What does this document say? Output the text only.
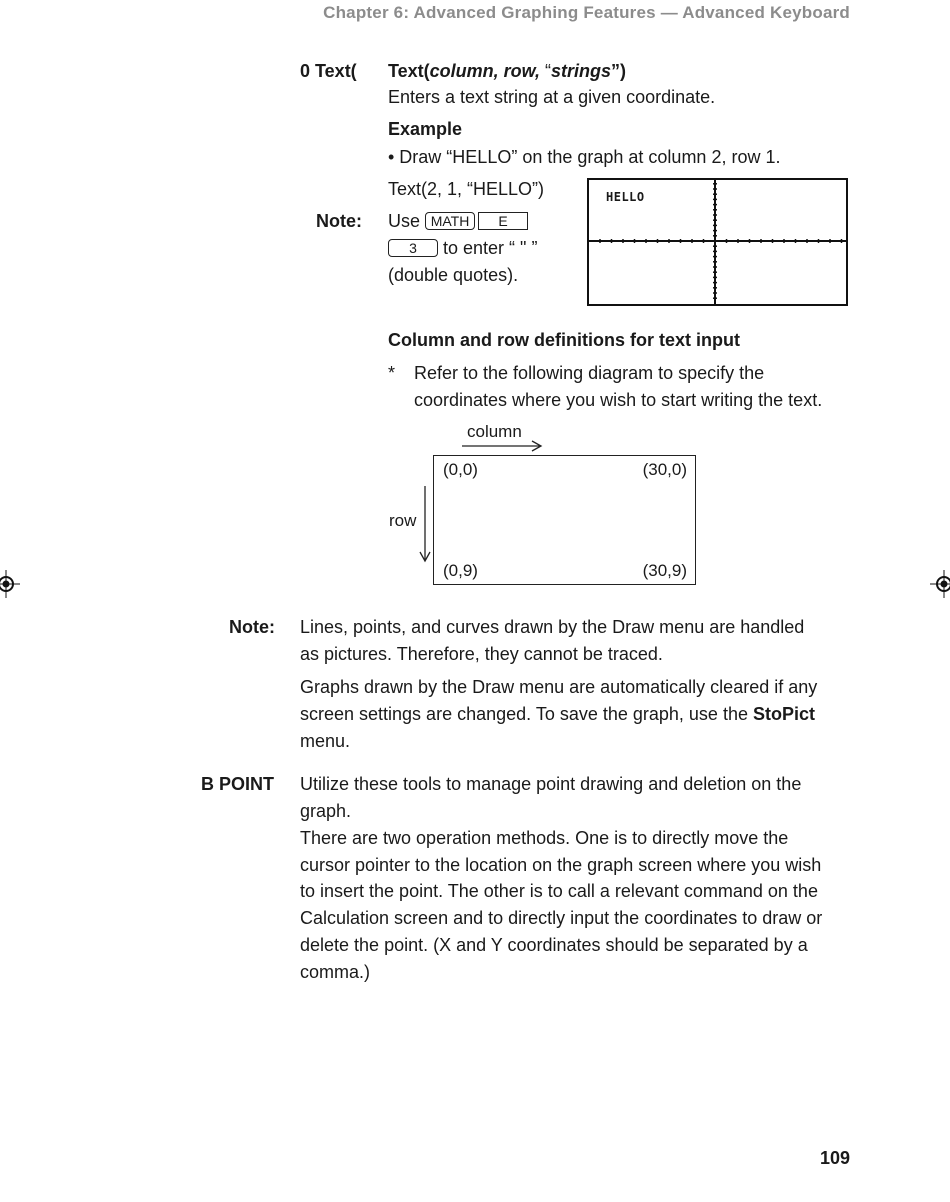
Chapter 6: Advanced Graphing Features — Advanced Keyboard
0 Text( Text(column, row, “strings”)
Enters a text string at a given coordinate.
Example
• Draw “HELLO” on the graph at column 2, row 1.
Text(2, 1, “HELLO”)
Note: Use MATH E
3 to enter “ " ”
(double quotes).
HELLO
Column and row definitions for text input
* Refer to the following diagram to specify the
coordinates where you wish to start writing the text.
column
row
(0,0)	(30,0)
(0,9)	(30,9)
Note: Lines, points, and curves drawn by the Draw menu are handled
as pictures. Therefore, they cannot be traced.
Graphs drawn by the Draw menu are automatically cleared if any
screen settings are changed. To save the graph, use the StoPict
menu.
B POINT Utilize these tools to manage point drawing and deletion on the
graph.
There are two operation methods. One is to directly move the
cursor pointer to the location on the graph screen where you wish
to insert the point. The other is to call a relevant command on the
Calculation screen and to directly input the coordinates to draw or
delete the point. (X and Y coordinates should be separated by a
comma.)
109
